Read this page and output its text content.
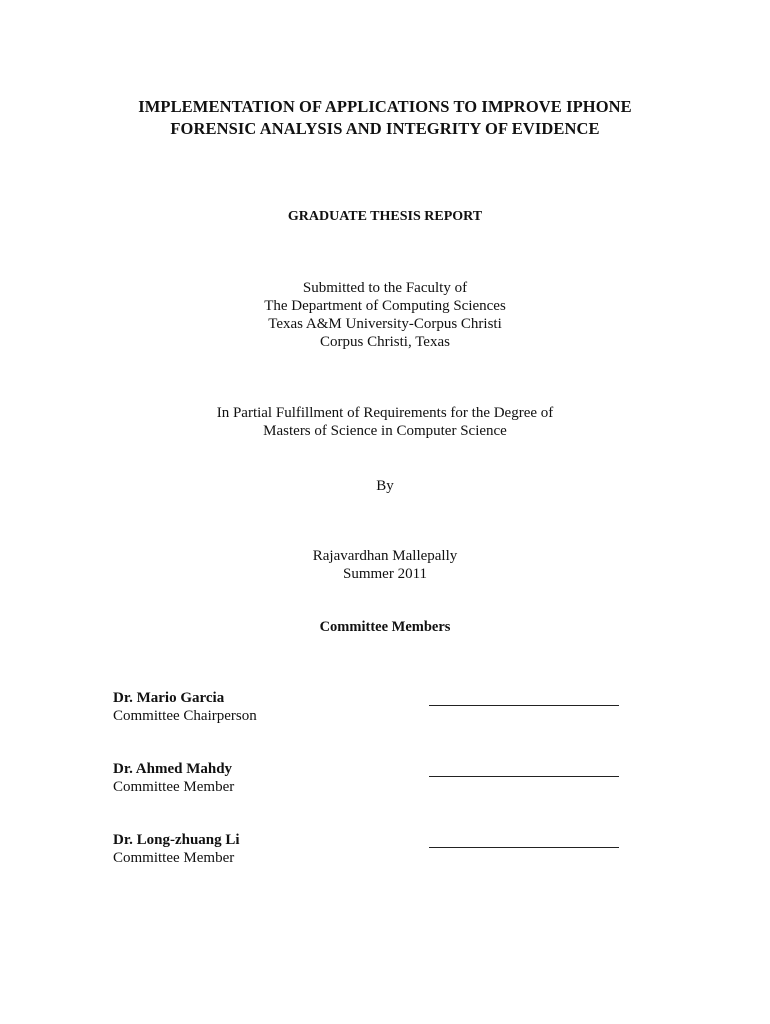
IMPLEMENTATION OF APPLICATIONS TO IMPROVE IPHONE
FORENSIC ANALYSIS AND INTEGRITY OF EVIDENCE
GRADUATE THESIS REPORT
Submitted to the Faculty of
The Department of Computing Sciences
Texas A&M University-Corpus Christi
Corpus Christi, Texas
In Partial Fulfillment of Requirements for the Degree of
Masters of Science in Computer Science
By
Rajavardhan Mallepally
Summer 2011
Committee Members
Dr. Mario Garcia
Committee Chairperson
Dr. Ahmed Mahdy
Committee Member
Dr. Long-zhuang Li
Committee Member
